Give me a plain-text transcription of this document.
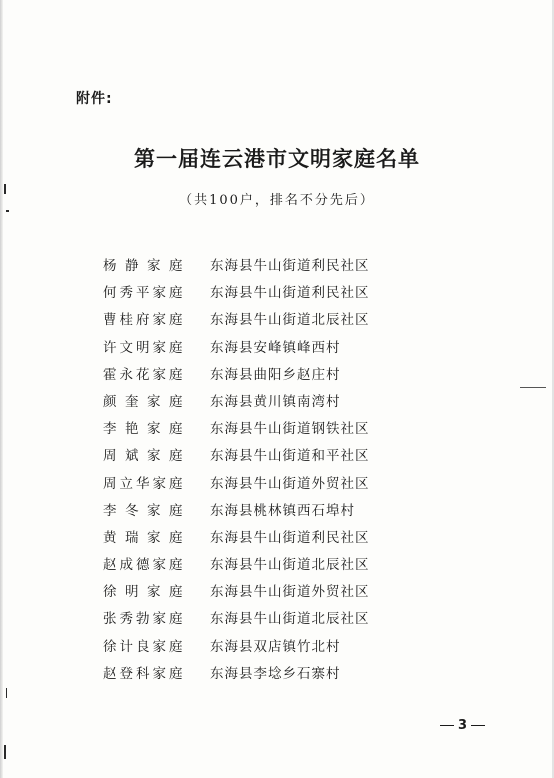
附件:
第一届连云港市文明家庭名单
（共100户，排名不分先后）
杨静家庭 东海县牛山街道利民社区
何秀平家庭 东海县牛山街道利民社区
曹桂府家庭 东海县牛山街道北辰社区
许文明家庭 东海县安峰镇峰西村
霍永花家庭 东海县曲阳乡赵庄村
颜奎家庭 东海县黄川镇南湾村
李艳家庭 东海县牛山街道钢铁社区
周斌家庭 东海县牛山街道和平社区
周立华家庭 东海县牛山街道外贸社区
李冬家庭 东海县桃林镇西石埠村
黄瑞家庭 东海县牛山街道利民社区
赵成德家庭 东海县牛山街道北辰社区
徐明家庭 东海县牛山街道外贸社区
张秀勃家庭 东海县牛山街道北辰社区
徐计良家庭 东海县双店镇竹北村
赵登科家庭 东海县李埝乡石寨村
3
